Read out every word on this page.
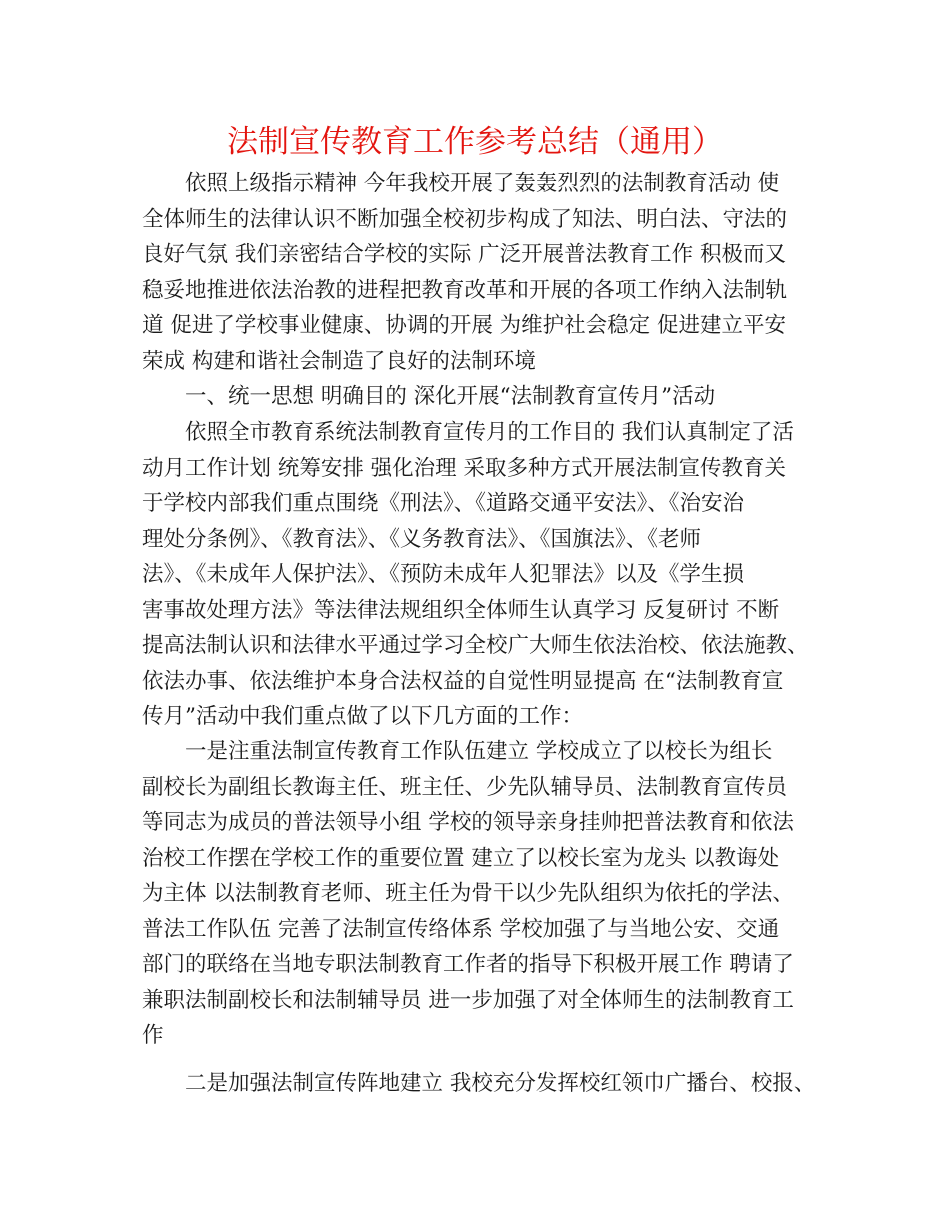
法制宣传教育工作参考总结（通用）
依照上级指示精神 今年我校开展了轰轰烈烈的法制教育活动 使
全体师生的法律认识不断加强全校初步构成了知法、明白法、守法的
良好气氛 我们亲密结合学校的实际 广泛开展普法教育工作 积极而又
稳妥地推进依法治教的进程把教育改革和开展的各项工作纳入法制轨
道 促进了学校事业健康、协调的开展 为维护社会稳定 促进建立平安
荣成 构建和谐社会制造了良好的法制环境
一、统一思想 明确目的 深化开展“法制教育宣传月”活动
依照全市教育系统法制教育宣传月的工作目的 我们认真制定了活
动月工作计划 统筹安排 强化治理 采取多种方式开展法制宣传教育关
于学校内部我们重点围绕《刑法》、《道路交通平安法》、《治安治
理处分条例》、《教育法》、《义务教育法》、《国旗法》、《老师
法》、《未成年人保护法》、《预防未成年人犯罪法》以及《学生损
害事故处理方法》等法律法规组织全体师生认真学习 反复研讨 不断
提高法制认识和法律水平通过学习全校广大师生依法治校、依法施教、
依法办事、依法维护本身合法权益的自觉性明显提高 在“法制教育宣
传月”活动中我们重点做了以下几方面的工作：
一是注重法制宣传教育工作队伍建立 学校成立了以校长为组长
副校长为副组长教诲主任、班主任、少先队辅导员、法制教育宣传员
等同志为成员的普法领导小组 学校的领导亲身挂帅把普法教育和依法
治校工作摆在学校工作的重要位置 建立了以校长室为龙头 以教诲处
为主体 以法制教育老师、班主任为骨干以少先队组织为依托的学法、
普法工作队伍 完善了法制宣传络体系 学校加强了与当地公安、交通
部门的联络在当地专职法制教育工作者的指导下积极开展工作 聘请了
兼职法制副校长和法制辅导员 进一步加强了对全体师生的法制教育工
作
二是加强法制宣传阵地建立 我校充分发挥校红领巾广播台、校报、
